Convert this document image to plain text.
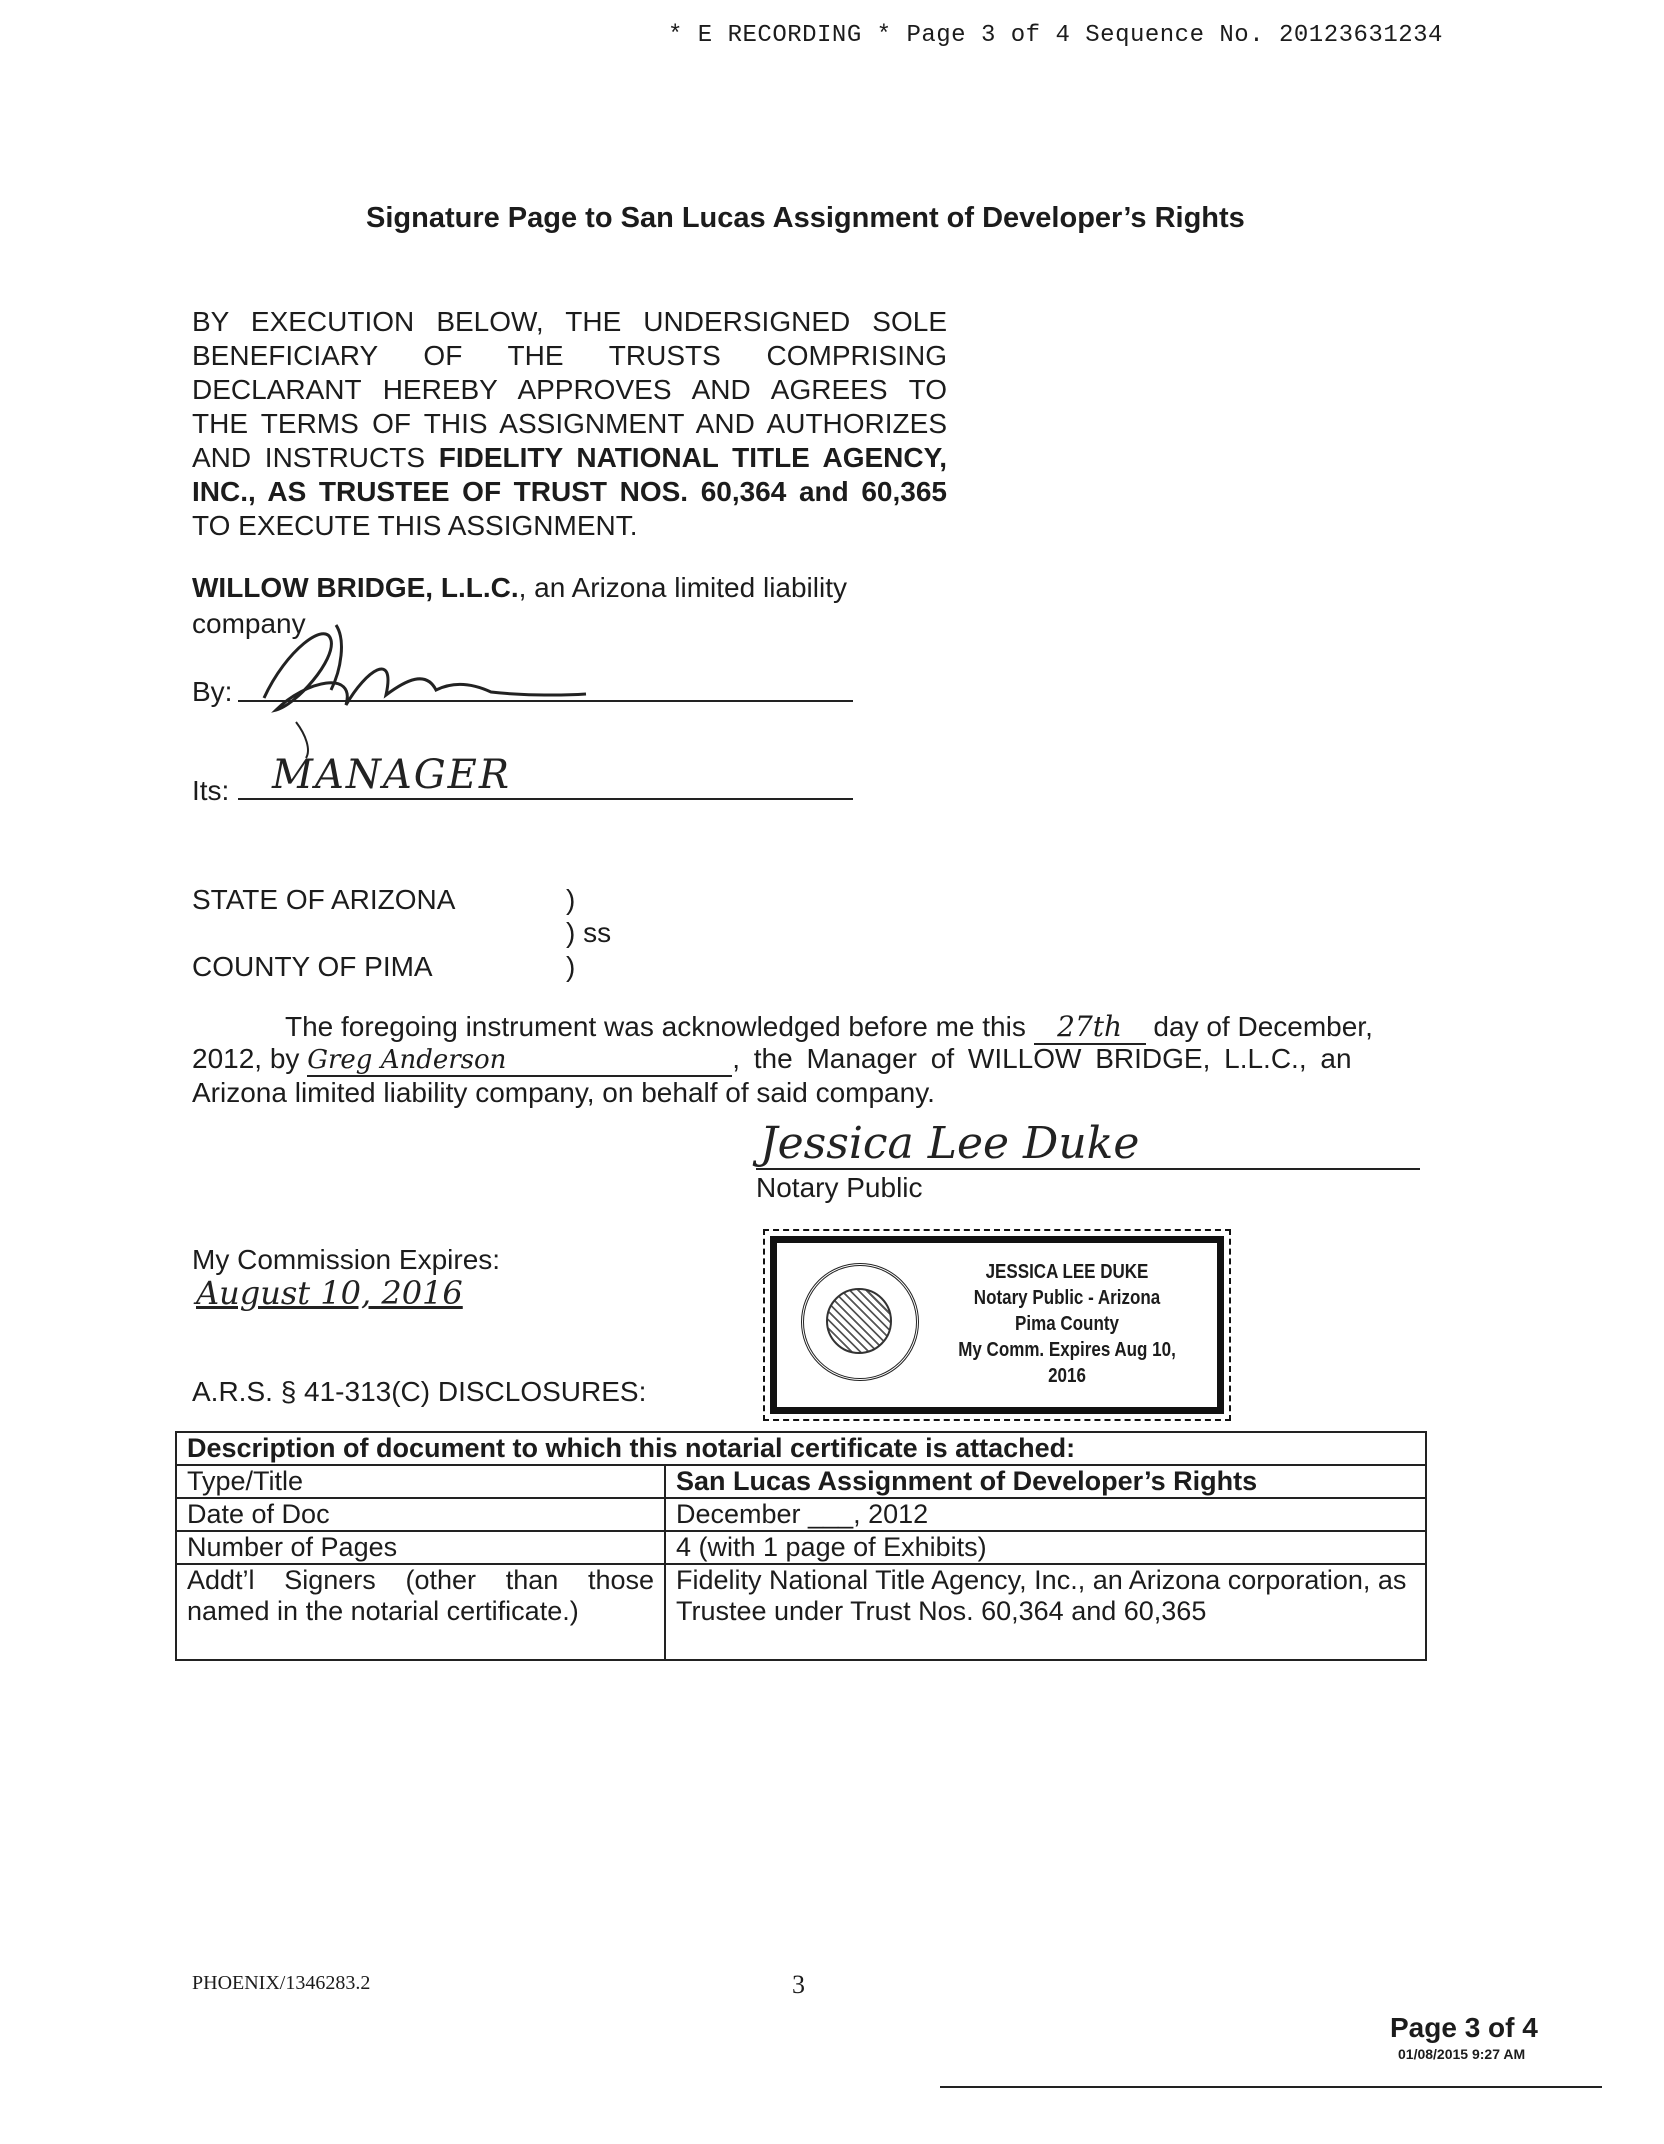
* E RECORDING * Page 3 of 4 Sequence No. 20123631234
Signature Page to San Lucas Assignment of Developer’s Rights
BY EXECUTION BELOW, THE UNDERSIGNED SOLE
BENEFICIARY OF THE TRUSTS COMPRISING
DECLARANT HEREBY APPROVES AND AGREES TO
THE TERMS OF THIS ASSIGNMENT AND AUTHORIZES
AND INSTRUCTS FIDELITY NATIONAL TITLE AGENCY,
INC., AS TRUSTEE OF TRUST NOS. 60,364 and 60,365
TO EXECUTE THIS ASSIGNMENT.
WILLOW BRIDGE, L.L.C., an Arizona limited liability
company
By:
Its: MANAGER
STATE OF ARIZONA
COUNTY OF PIMA
)
) ss
)
The foregoing instrument was acknowledged before me this 27th day of December,
2012, by Greg Anderson	, the Manager of WILLOW BRIDGE, L.L.C., an
Arizona limited liability company, on behalf of said company.
Jessica Lee Duke
Notary Public
My Commission Expires:
August 10, 2016
A.R.S. § 41-313(C) DISCLOSURES:
JESSICA LEE DUKE
Notary Public - Arizona
Pima County
My Comm. Expires Aug 10, 2016
Description of document to which this notarial certificate is attached:	
Type/Title	San Lucas Assignment of Developer’s Rights
Date of Doc	December ___, 2012
Number of Pages	4 (with 1 page of Exhibits)
Addt’l Signers (other than those named in the notarial certificate.)	Fidelity National Title Agency, Inc., an Arizona corporation, as Trustee under Trust Nos. 60,364 and 60,365
PHOENIX/1346283.2	3
Page 3 of 4
01/08/2015 9:27 AM
